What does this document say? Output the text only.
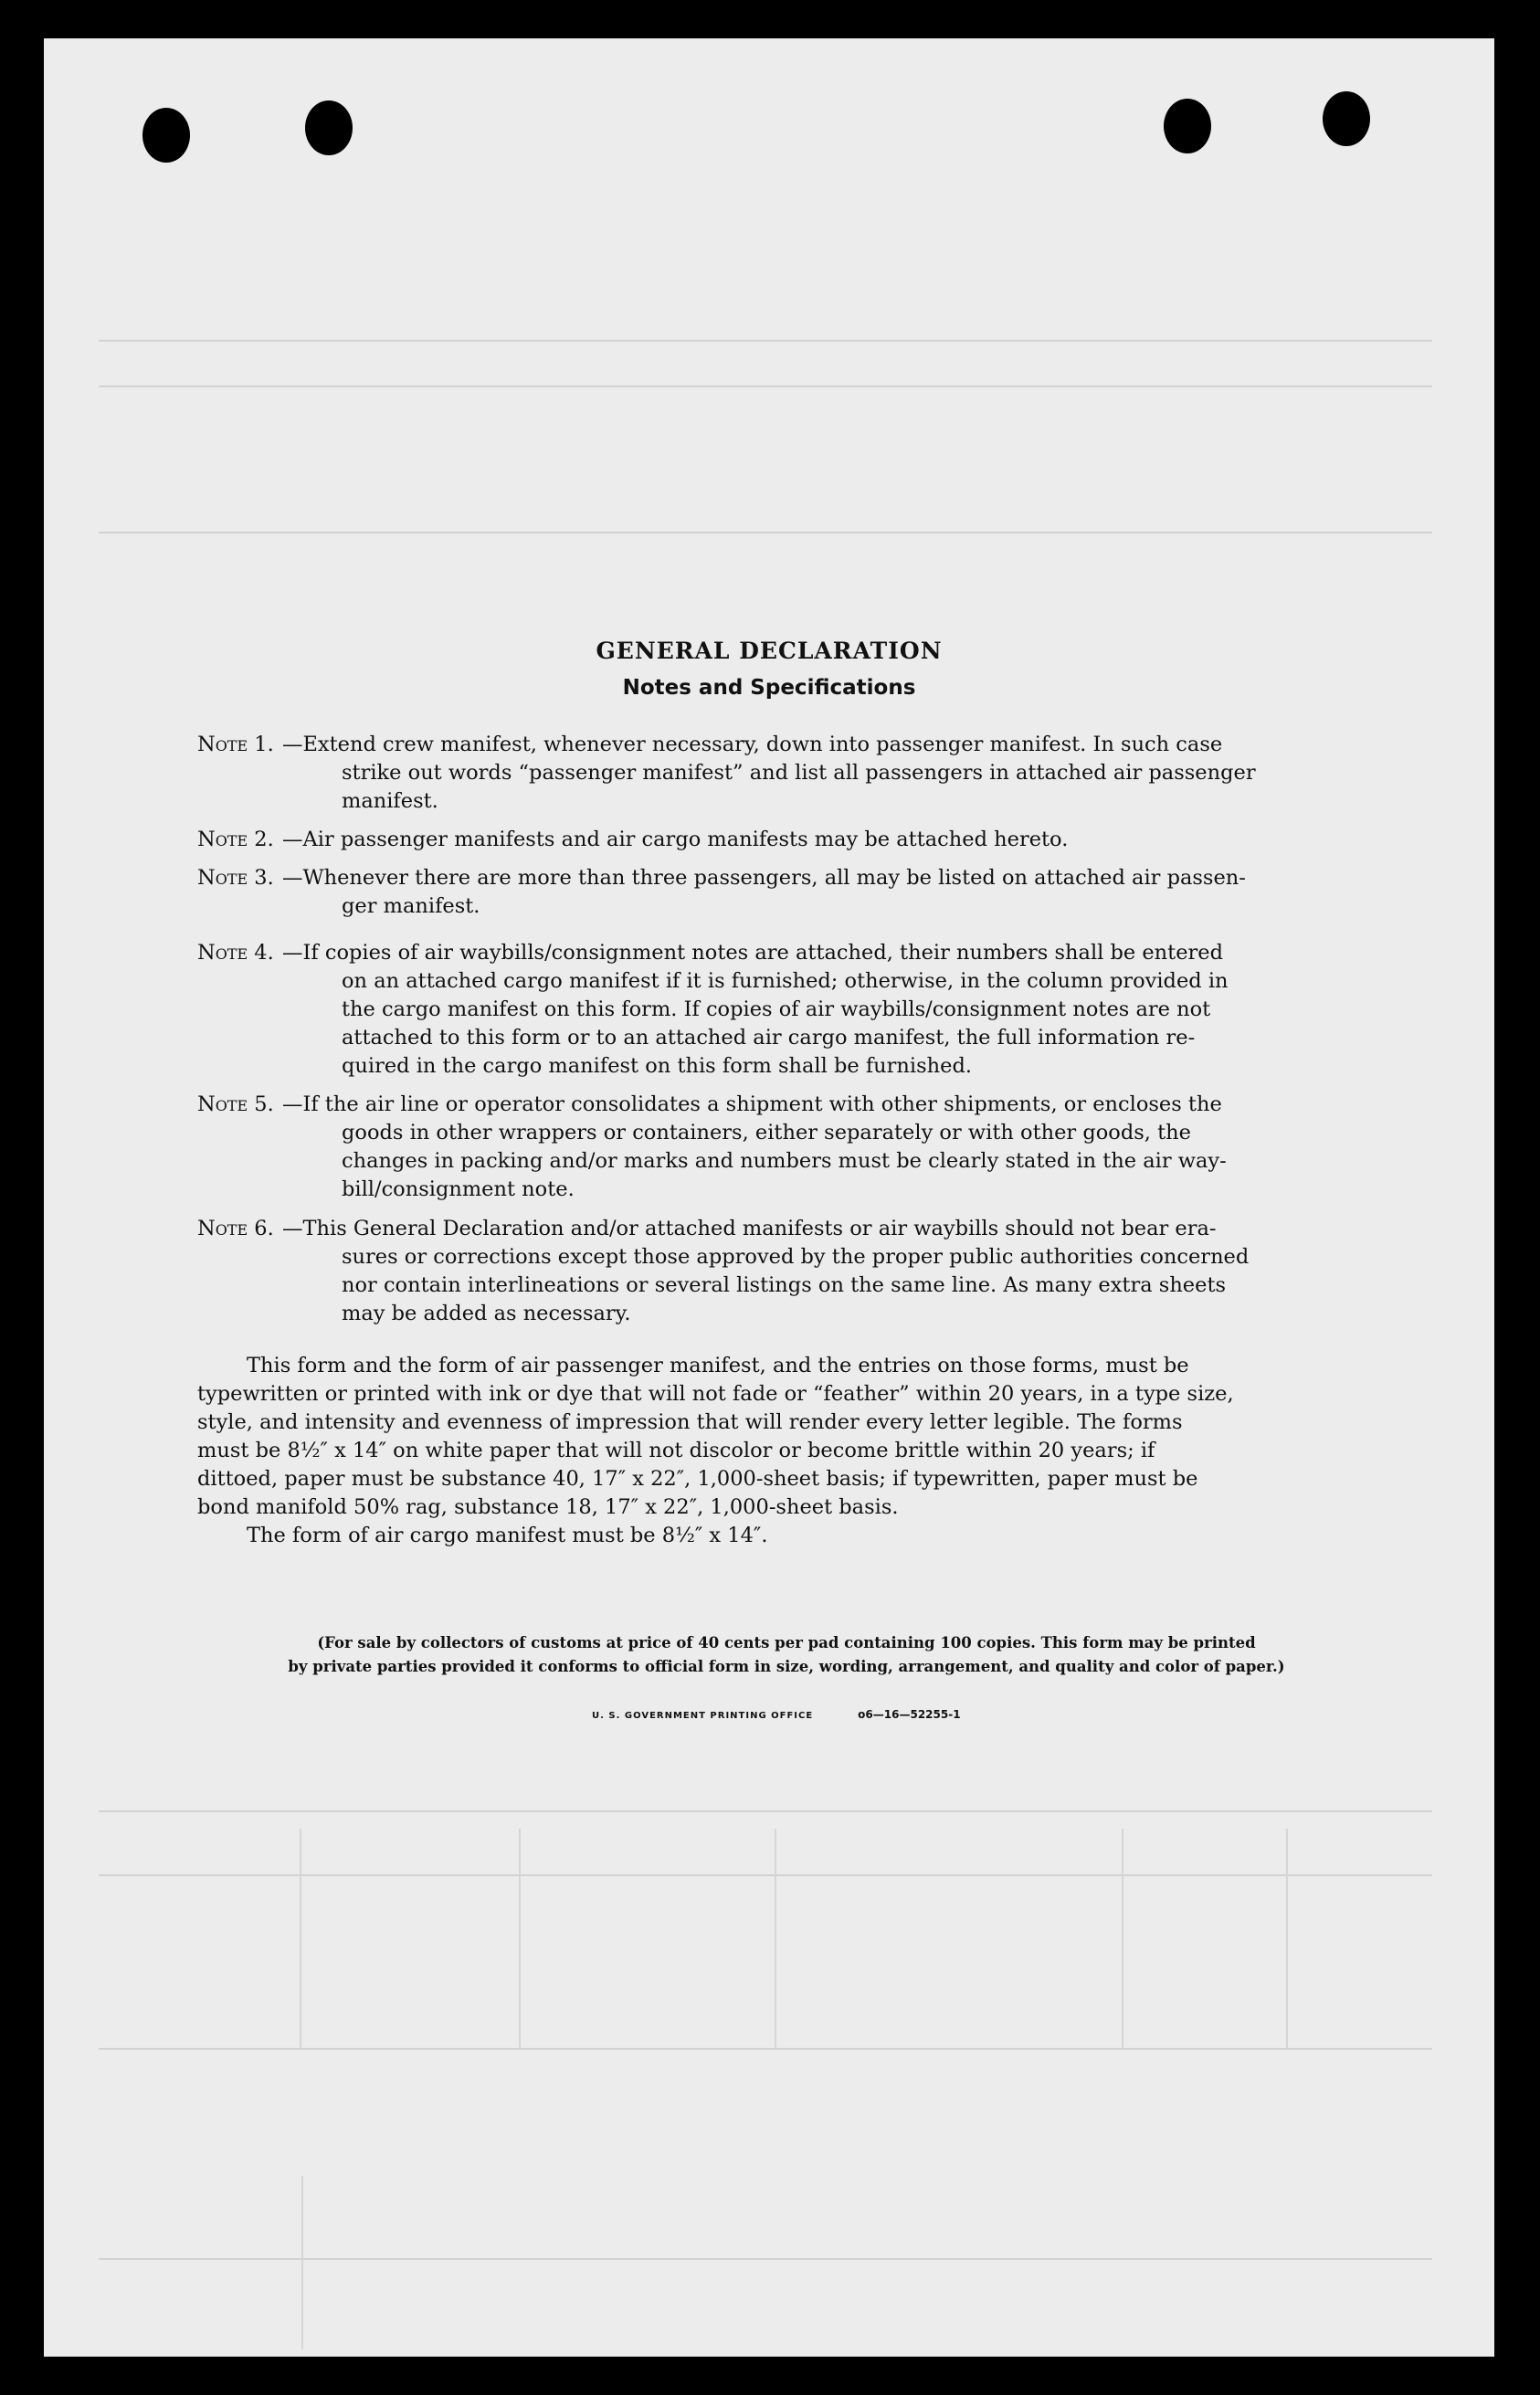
GENERAL DECLARATION
Notes and Specifications
Note 1. —Extend crew manifest, whenever necessary, down into passenger manifest. In such case
strike out words “passenger manifest” and list all passengers in attached air passenger
manifest.
Note 2. —Air passenger manifests and air cargo manifests may be attached hereto.
Note 3. —Whenever there are more than three passengers, all may be listed on attached air passen-
ger manifest.
Note 4. —If copies of air waybills/consignment notes are attached, their numbers shall be entered
on an attached cargo manifest if it is furnished; otherwise, in the column provided in
the cargo manifest on this form. If copies of air waybills/consignment notes are not
attached to this form or to an attached air cargo manifest, the full information re-
quired in the cargo manifest on this form shall be furnished.
Note 5. —If the air line or operator consolidates a shipment with other shipments, or encloses the
goods in other wrappers or containers, either separately or with other goods, the
changes in packing and/or marks and numbers must be clearly stated in the air way-
bill/consignment note.
Note 6. —This General Declaration and/or attached manifests or air waybills should not bear era-
sures or corrections except those approved by the proper public authorities concerned
nor contain interlineations or several listings on the same line. As many extra sheets
may be added as necessary.
This form and the form of air passenger manifest, and the entries on those forms, must be
typewritten or printed with ink or dye that will not fade or “feather” within 20 years, in a type size,
style, and intensity and evenness of impression that will render every letter legible. The forms
must be 8½″ x 14″ on white paper that will not discolor or become brittle within 20 years; if
dittoed, paper must be substance 40, 17″ x 22″, 1,000-sheet basis; if typewritten, paper must be
bond manifold 50% rag, substance 18, 17″ x 22″, 1,000-sheet basis.
The form of air cargo manifest must be 8½″ x 14″.
(For sale by collectors of customs at price of 40 cents per pad containing 100 copies. This form may be printed
by private parties provided it conforms to official form in size, wording, arrangement, and quality and color of paper.)
U. S. GOVERNMENT PRINTING OFFICE	o6—16—52255-1
